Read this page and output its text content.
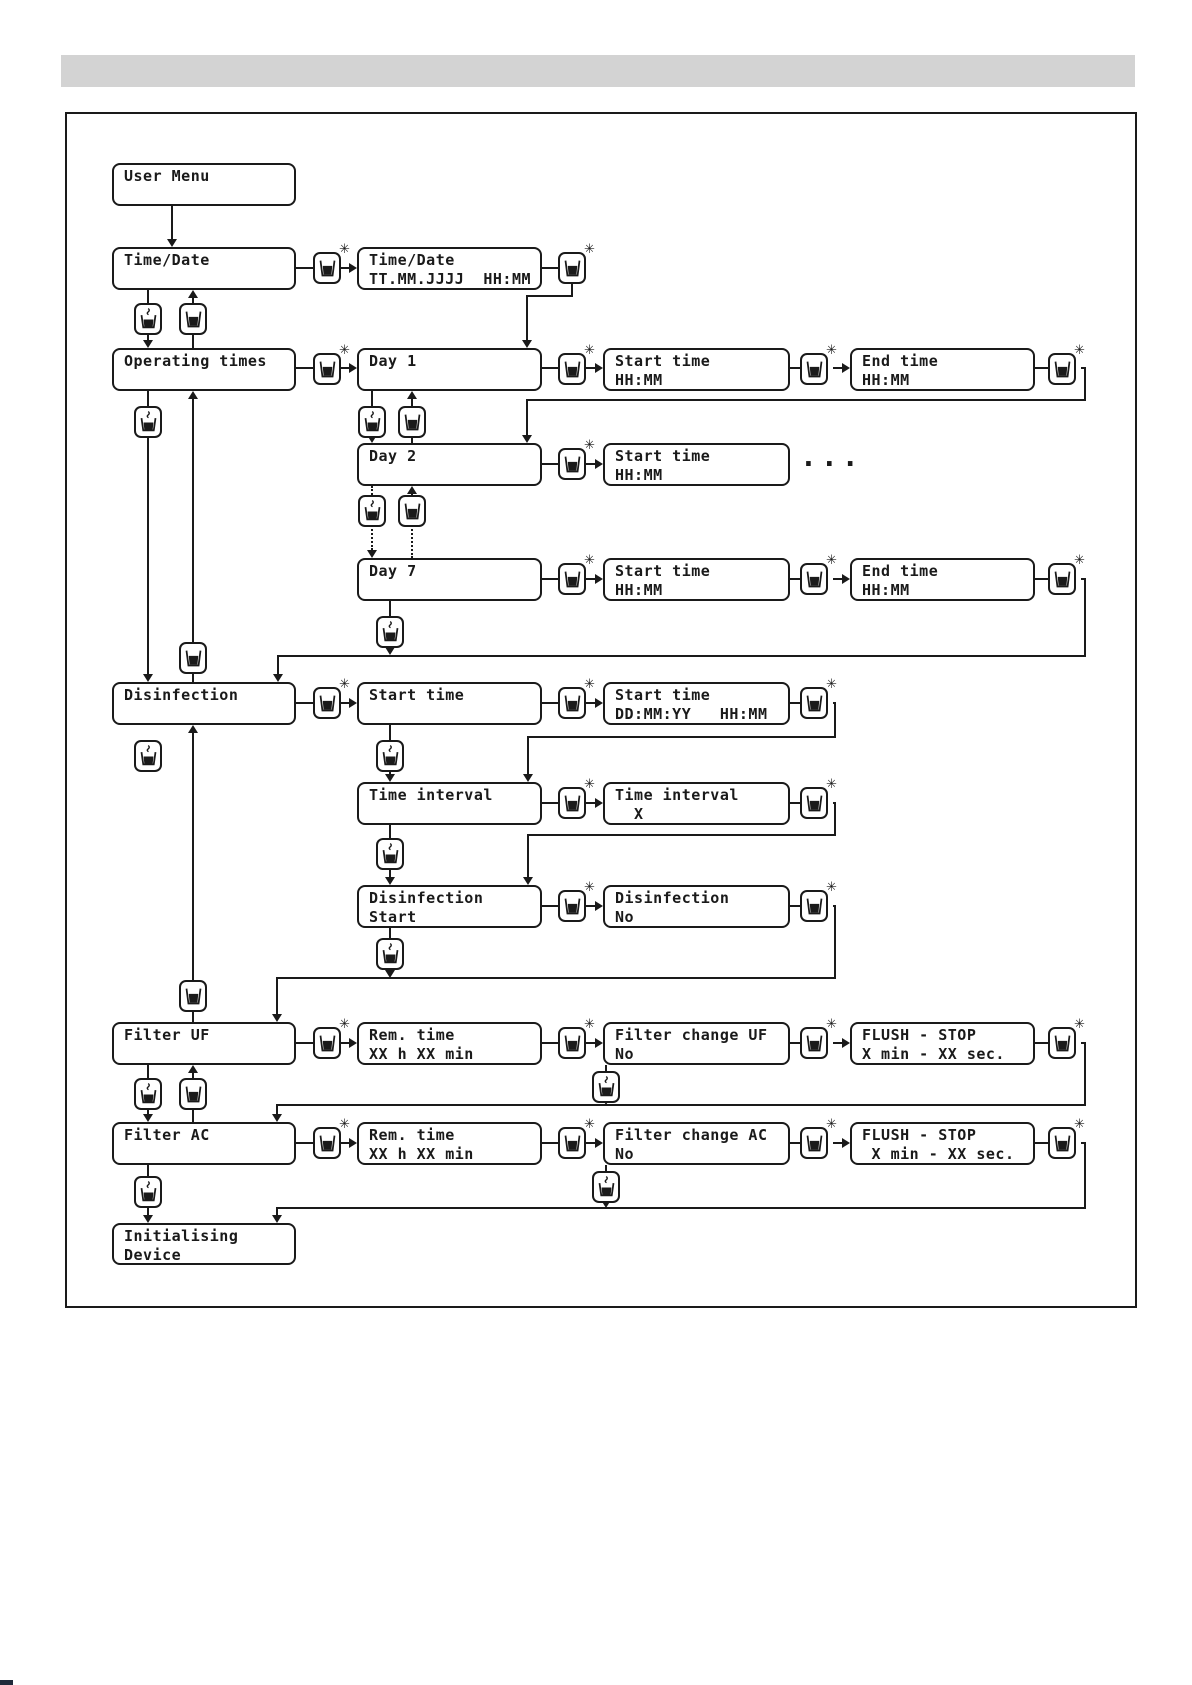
User Menu
Time/Date
Operating times
Disinfection
Filter UF
Filter AC
Initialising
Device
Time/Date
TT.MM.JJJJ  HH:MM
Day 1
Day 2
Day 7
Start time
Time interval
Disinfection
Start
Rem. time
XX h XX min
Rem. time
XX h XX min
Start time
HH:MM
Start time
HH:MM
Start time
HH:MM
Start time
DD:MM:YY   HH:MM
Time interval
X
Disinfection
No
Filter change UF
No
Filter change AC
No
End time
HH:MM
End time
HH:MM
FLUSH - STOP
X min - XX sec.
FLUSH - STOP
X min - XX sec.
...
✳	✳
✳	✳	✳	✳
✳
✳	✳	✳
✳	✳	✳
✳	✳
✳	✳
✳	✳	✳	✳
✳	✳	✳	✳
